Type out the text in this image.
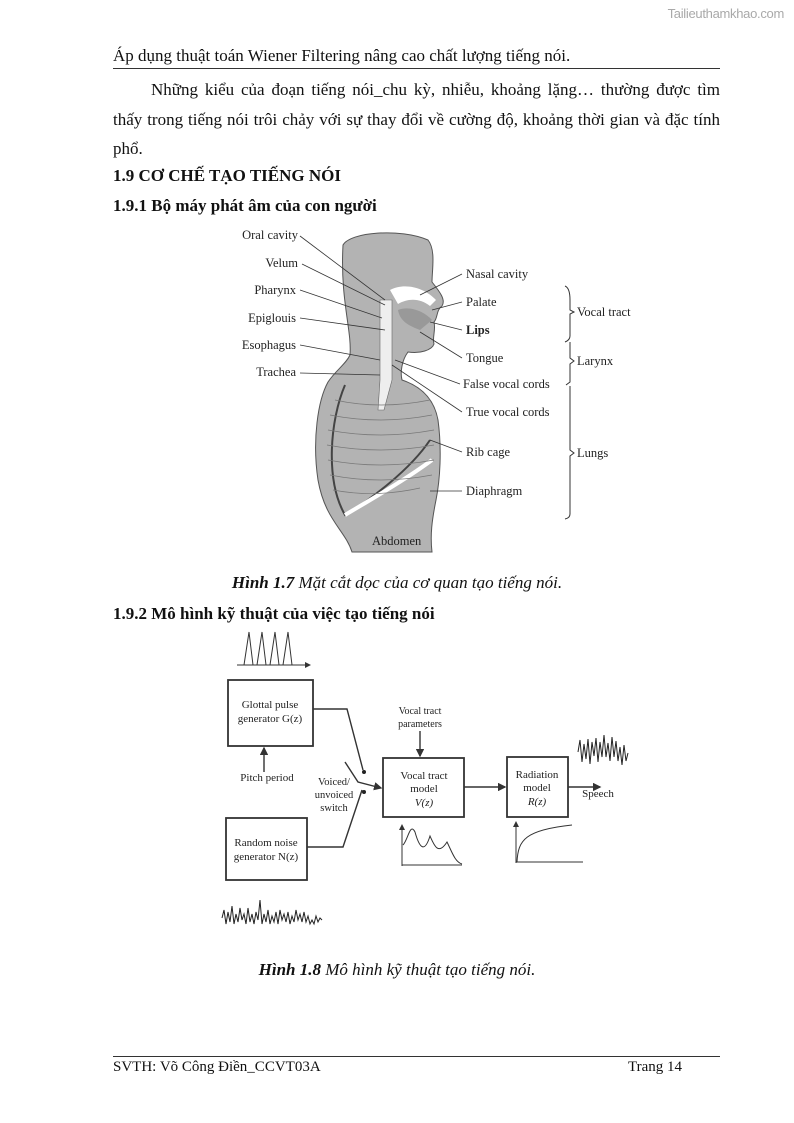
Tailieuthamkhao.com
Áp dụng thuật toán Wiener Filtering nâng cao chất lượng tiếng nói.
Những kiểu của đoạn tiếng nói_chu kỳ, nhiễu, khoảng lặng… thường được tìm thấy trong tiếng nói trôi chảy với sự thay đổi về cường độ, khoảng thời gian và đặc tính phổ.
1.9 CƠ CHẾ TẠO TIẾNG NÓI
1.9.1 Bộ máy phát âm của con người
Oral cavity
Velum
Pharynx
Epiglouis
Esophagus
Trachea
Nasal cavity
Palate
Lips
Tongue
False vocal cords
True vocal cords
Rib cage
Diaphragm
Vocal tract
Larynx
Lungs
Abdomen
Hình 1.7 Mặt cắt dọc của cơ quan tạo tiếng nói.
1.9.2 Mô hình kỹ thuật của việc tạo tiếng nói
Glottal pulse
generator G(z)
Pitch period
Random noise
generator N(z)
Voiced/
unvoiced
switch
Vocal tract
parameters
Vocal tract
model
V(z)
Radiation
model
R(z)
Speech
Hình 1.8 Mô hình kỹ thuật tạo tiếng nói.
SVTH: Võ Công Điền_CCVT03A	Trang 14
